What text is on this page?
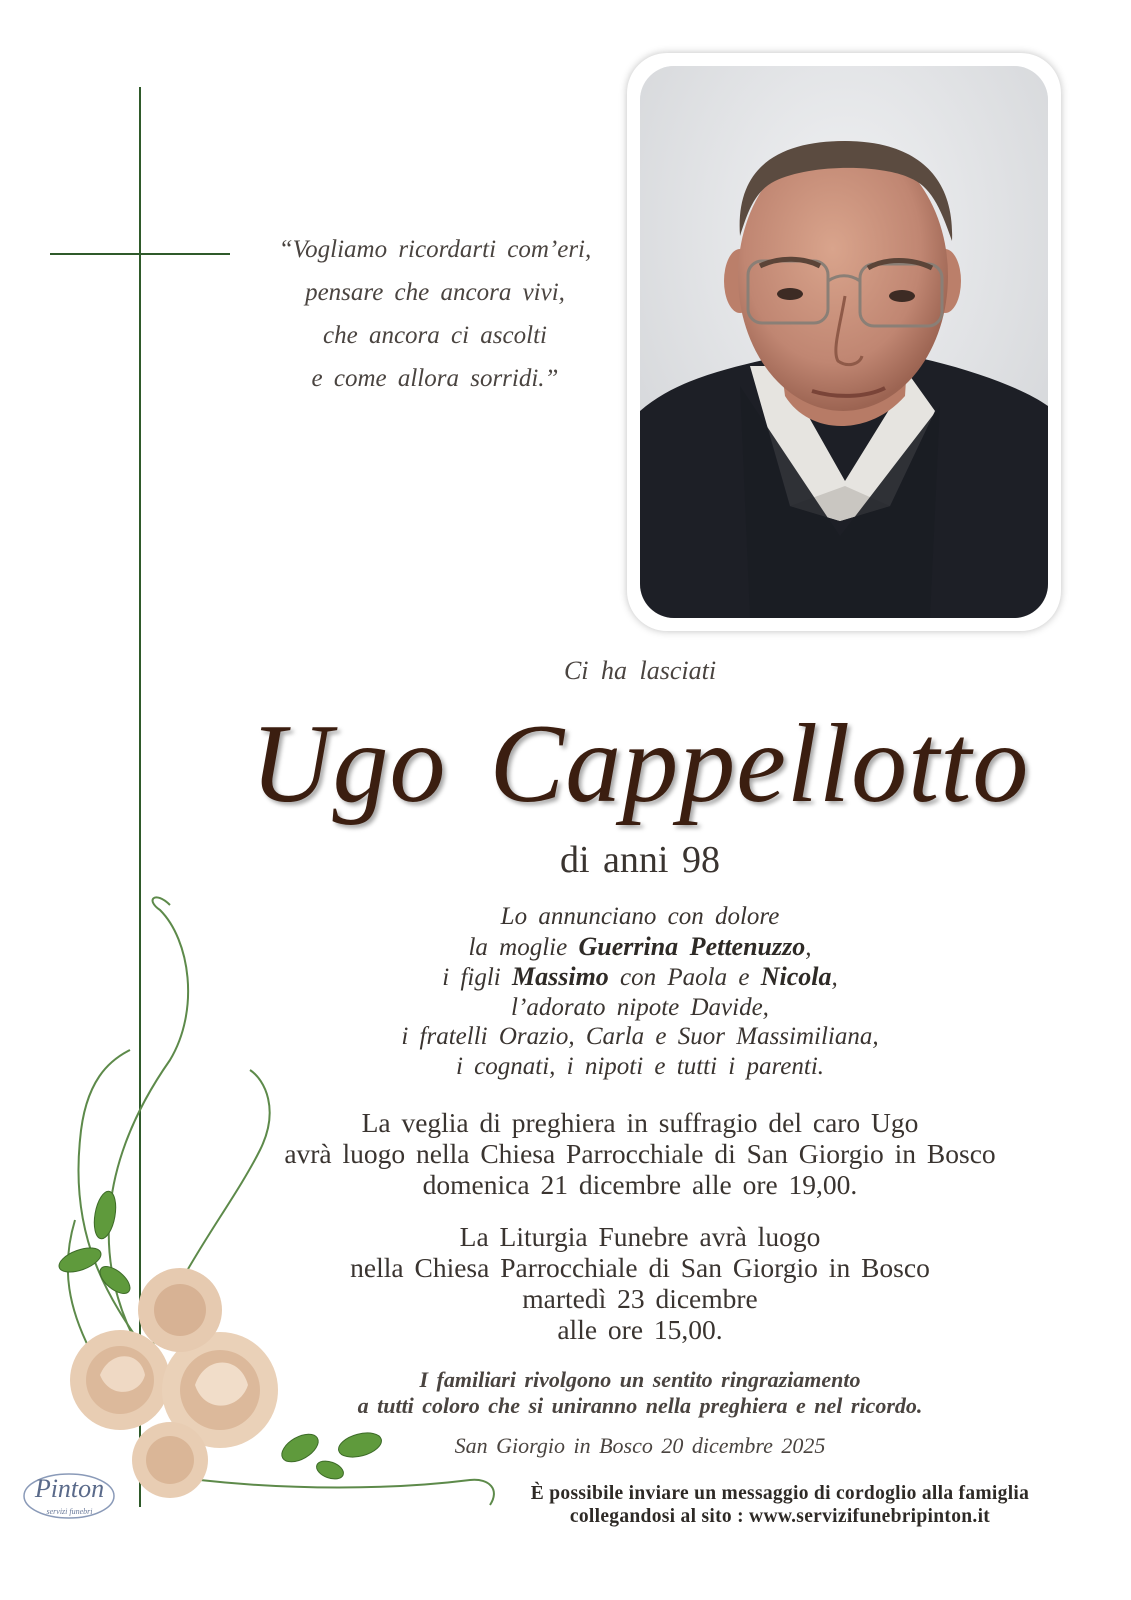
“Vogliamo ricordarti com’eri,
pensare che ancora vivi,
che ancora ci ascolti
e come allora sorridi.”
Ci ha lasciati
Ugo Cappellotto
di anni 98
Lo annunciano con dolore
la moglie Guerrina Pettenuzzo,
i figli Massimo con Paola e Nicola,
l’adorato nipote Davide,
i fratelli Orazio, Carla e Suor Massimiliana,
i cognati, i nipoti e tutti i parenti.
La veglia di preghiera in suffragio del caro Ugo
avrà luogo nella Chiesa Parrocchiale di San Giorgio in Bosco
domenica 21 dicembre alle ore 19,00.
La Liturgia Funebre avrà luogo
nella Chiesa Parrocchiale di San Giorgio in Bosco
martedì 23 dicembre
alle ore 15,00.
I familiari rivolgono un sentito ringraziamento
a tutti coloro che si uniranno nella preghiera e nel ricordo.
San Giorgio in Bosco 20 dicembre 2025
È possibile inviare un messaggio di cordoglio alla famiglia
collegandosi al sito : www.servizifunebripinton.it
Pinton
servizi funebri
